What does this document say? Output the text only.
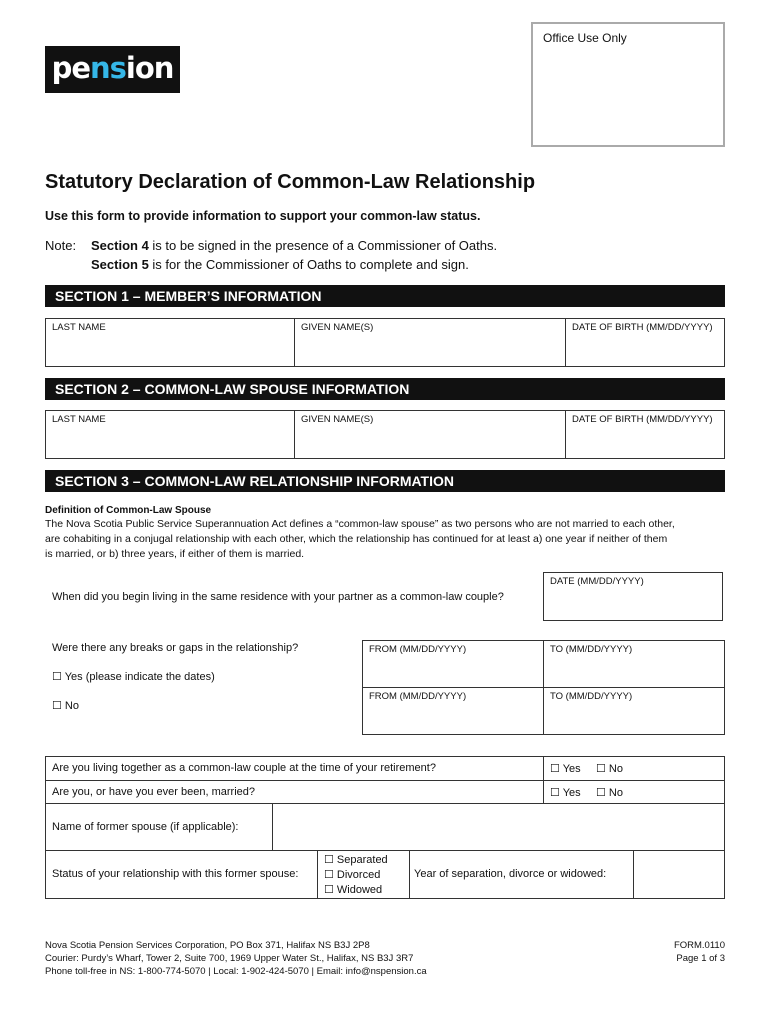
pe ns ion
Office Use Only
Statutory Declaration of Common-Law Relationship
Use this form to provide information to support your common-law status.
Note: Section 4 is to be signed in the presence of a Commissioner of Oaths.
Section 5 is for the Commissioner of Oaths to complete and sign.
SECTION 1 – MEMBER’S INFORMATION
LAST NAME	GIVEN NAME(S)	DATE OF BIRTH (MM/DD/YYYY)
SECTION 2 – COMMON-LAW SPOUSE INFORMATION
LAST NAME	GIVEN NAME(S)	DATE OF BIRTH (MM/DD/YYYY)
SECTION 3 – COMMON-LAW RELATIONSHIP INFORMATION
Definition of Common-Law Spouse
The Nova Scotia Public Service Superannuation Act defines a “common-law spouse” as two persons who are not married to each other,
are cohabiting in a conjugal relationship with each other, which the relationship has continued for at least a) one year if neither of them
is married, or b) three years, if either of them is married.
When did you begin living in the same residence with your partner as a common-law couple?
DATE (MM/DD/YYYY)
Were there any breaks or gaps in the relationship?	FROM (MM/DD/YYYY)	TO (MM/DD/YYYY)
FROM (MM/DD/YYYY)	TO (MM/DD/YYYY)
☐ Yes (please indicate the dates)
☐ No
Are you living together as a common-law couple at the time of your retirement?	☐ Yes ☐ No
Are you, or have you ever been, married?	☐ Yes ☐ No
Name of former spouse (if applicable):
Status of your relationship with this former spouse:
☐ Separated
☐ Divorced
☐ Widowed
Year of separation, divorce or widowed:
Nova Scotia Pension Services Corporation, PO Box 371, Halifax NS B3J 2P8
Courier: Purdy’s Wharf, Tower 2, Suite 700, 1969 Upper Water St., Halifax, NS B3J 3R7
Phone toll-free in NS: 1-800-774-5070 | Local: 1-902-424-5070 | Email: info@nspension.ca
FORM.0110
Page 1 of 3
